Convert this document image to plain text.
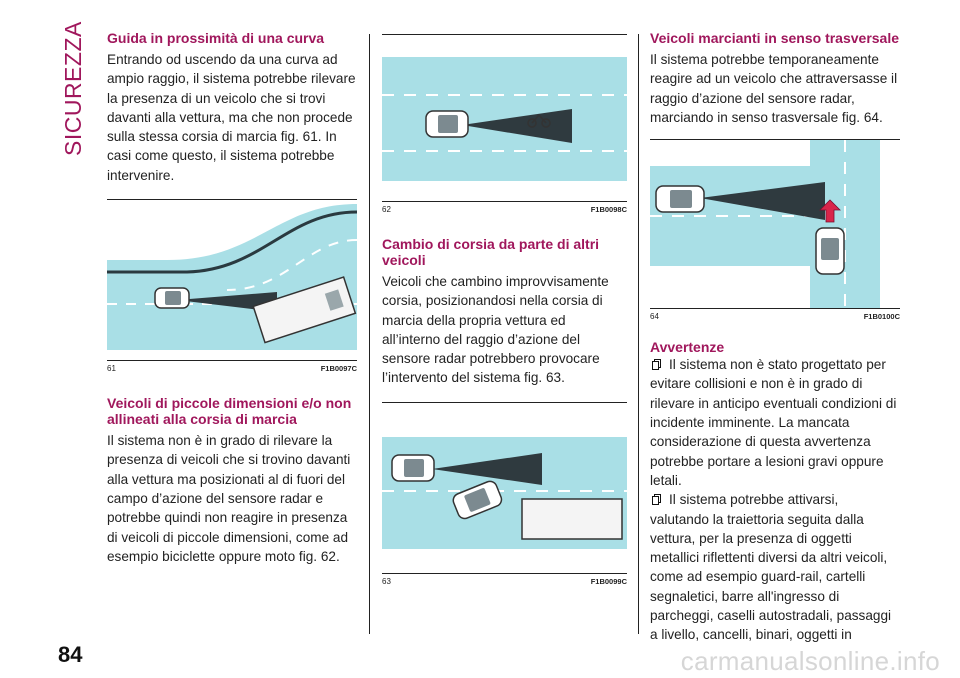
SICUREZZA Guida in prossimità di una curva

Entrando od uscendo da una curva ad ampio raggio, il sistema potrebbe rilevare la presenza di un veicolo che si trovi davanti alla vettura, ma che non procede sulla stessa corsia di marcia fig. 61. In casi come questo, il sistema potrebbe intervenire.

61	F1B0097C
Veicoli di piccole dimensioni e/o non allineati alla corsia di marcia

Il sistema non è in grado di rilevare la presenza di veicoli che si trovino davanti alla vettura ma posizionati al di fuori del campo d’azione del sensore radar e potrebbe quindi non reagire in presenza di veicoli di piccole dimensioni, come ad esempio biciclette oppure moto fig. 62.

62	F1B0098C
Cambio di corsia da parte di altri veicoli

Veicoli che cambino improvvisamente corsia, posizionandosi nella corsia di marcia della propria vettura ed all’interno del raggio d’azione del sensore radar potrebbero provocare l’intervento del sistema fig. 63.

63	F1B0099C
Veicoli marcianti in senso trasversale

Il sistema potrebbe temporaneamente reagire ad un veicolo che attraversasse il raggio d’azione del sensore radar, marciando in senso trasversale fig. 64.

64	F1B0100C
Avvertenze

Il sistema non è stato progettato per evitare collisioni e non è in grado di rilevare in anticipo eventuali condizioni di incidente imminente. La mancata considerazione di questa avvertenza potrebbe portare a lesioni gravi oppure letali.

Il sistema potrebbe attivarsi, valutando la traiettoria seguita dalla vettura, per la presenza di oggetti metallici riflettenti diversi da altri veicoli, come ad esempio guard-rail, cartelli segnaletici, barre all'ingresso di parcheggi, caselli autostradali, passaggi a livello, cancelli, binari, oggetti in

84	carmanualsonline.info
